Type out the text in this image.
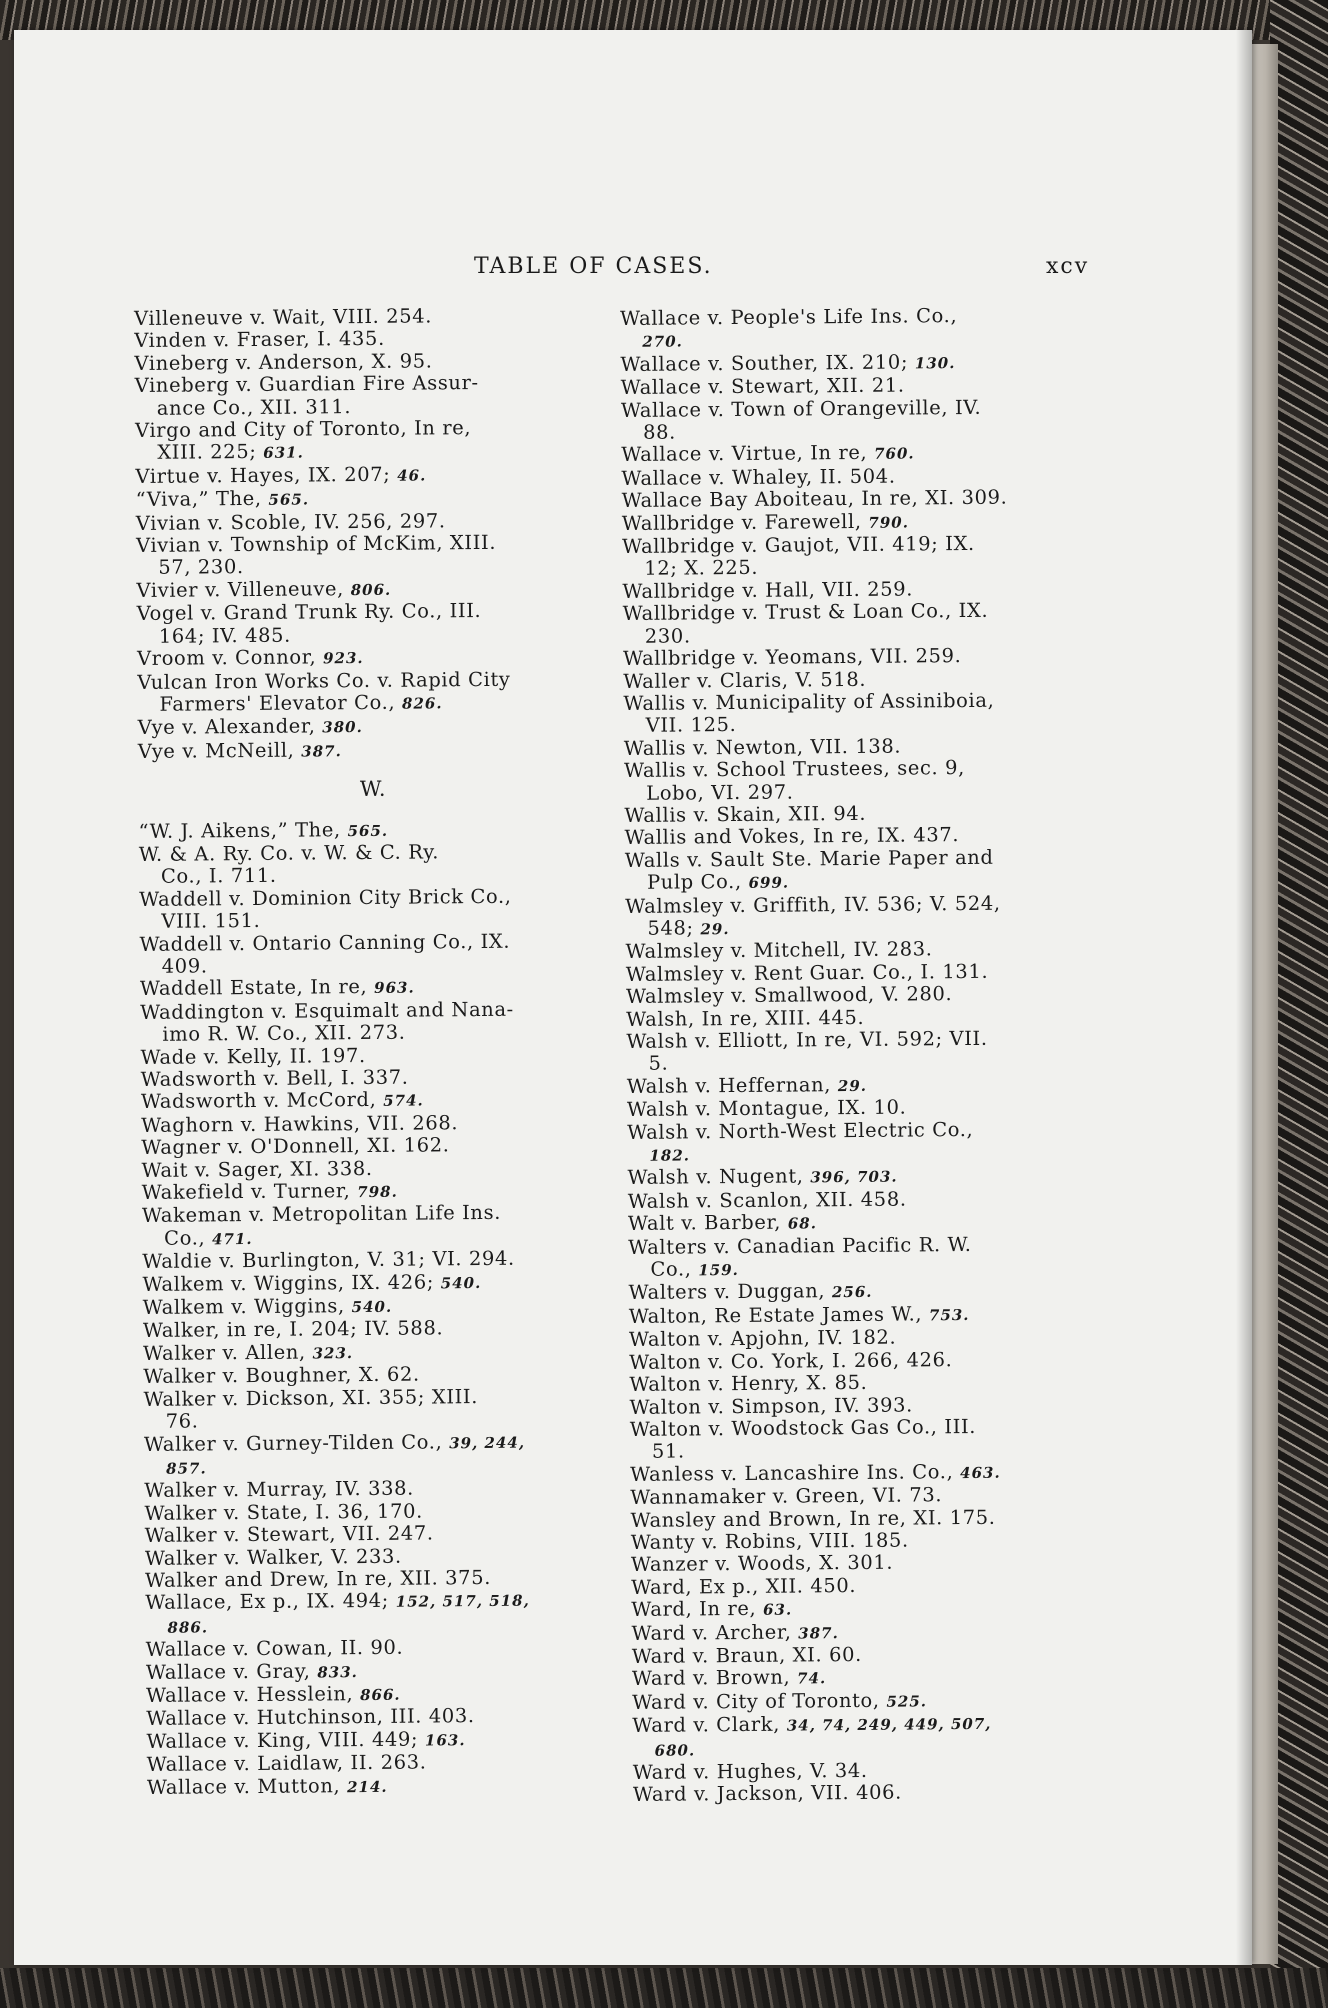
TABLE OF CASES.	xcv
Villeneuve v. Wait, VIII. 254.
Vinden v. Fraser, I. 435.
Vineberg v. Anderson, X. 95.
Vineberg v. Guardian Fire Assur-
ance Co., XII. 311.
Virgo and City of Toronto, In re,
XIII. 225; 631.
Virtue v. Hayes, IX. 207; 46.
“Viva,” The, 565.
Vivian v. Scoble, IV. 256, 297.
Vivian v. Township of McKim, XIII.
57, 230.
Vivier v. Villeneuve, 806.
Vogel v. Grand Trunk Ry. Co., III.
164; IV. 485.
Vroom v. Connor, 923.
Vulcan Iron Works Co. v. Rapid City
Farmers' Elevator Co., 826.
Vye v. Alexander, 380.
Vye v. McNeill, 387.
W.
“W. J. Aikens,” The, 565.
W. & A. Ry. Co. v. W. & C. Ry.
Co., I. 711.
Waddell v. Dominion City Brick Co.,
VIII. 151.
Waddell v. Ontario Canning Co., IX.
409.
Waddell Estate, In re, 963.
Waddington v. Esquimalt and Nana-
imo R. W. Co., XII. 273.
Wade v. Kelly, II. 197.
Wadsworth v. Bell, I. 337.
Wadsworth v. McCord, 574.
Waghorn v. Hawkins, VII. 268.
Wagner v. O'Donnell, XI. 162.
Wait v. Sager, XI. 338.
Wakefield v. Turner, 798.
Wakeman v. Metropolitan Life Ins.
Co., 471.
Waldie v. Burlington, V. 31; VI. 294.
Walkem v. Wiggins, IX. 426; 540.
Walkem v. Wiggins, 540.
Walker, in re, I. 204; IV. 588.
Walker v. Allen, 323.
Walker v. Boughner, X. 62.
Walker v. Dickson, XI. 355; XIII.
76.
Walker v. Gurney-Tilden Co., 39, 244,
857.
Walker v. Murray, IV. 338.
Walker v. State, I. 36, 170.
Walker v. Stewart, VII. 247.
Walker v. Walker, V. 233.
Walker and Drew, In re, XII. 375.
Wallace, Ex p., IX. 494; 152, 517, 518,
886.
Wallace v. Cowan, II. 90.
Wallace v. Gray, 833.
Wallace v. Hesslein, 866.
Wallace v. Hutchinson, III. 403.
Wallace v. King, VIII. 449; 163.
Wallace v. Laidlaw, II. 263.
Wallace v. Mutton, 214.
Wallace v. People's Life Ins. Co.,
270.
Wallace v. Souther, IX. 210; 130.
Wallace v. Stewart, XII. 21.
Wallace v. Town of Orangeville, IV.
88.
Wallace v. Virtue, In re, 760.
Wallace v. Whaley, II. 504.
Wallace Bay Aboiteau, In re, XI. 309.
Wallbridge v. Farewell, 790.
Wallbridge v. Gaujot, VII. 419; IX.
12; X. 225.
Wallbridge v. Hall, VII. 259.
Wallbridge v. Trust & Loan Co., IX.
230.
Wallbridge v. Yeomans, VII. 259.
Waller v. Claris, V. 518.
Wallis v. Municipality of Assiniboia,
VII. 125.
Wallis v. Newton, VII. 138.
Wallis v. School Trustees, sec. 9,
Lobo, VI. 297.
Wallis v. Skain, XII. 94.
Wallis and Vokes, In re, IX. 437.
Walls v. Sault Ste. Marie Paper and
Pulp Co., 699.
Walmsley v. Griffith, IV. 536; V. 524,
548; 29.
Walmsley v. Mitchell, IV. 283.
Walmsley v. Rent Guar. Co., I. 131.
Walmsley v. Smallwood, V. 280.
Walsh, In re, XIII. 445.
Walsh v. Elliott, In re, VI. 592; VII.
5.
Walsh v. Heffernan, 29.
Walsh v. Montague, IX. 10.
Walsh v. North-West Electric Co.,
182.
Walsh v. Nugent, 396, 703.
Walsh v. Scanlon, XII. 458.
Walt v. Barber, 68.
Walters v. Canadian Pacific R. W.
Co., 159.
Walters v. Duggan, 256.
Walton, Re Estate James W., 753.
Walton v. Apjohn, IV. 182.
Walton v. Co. York, I. 266, 426.
Walton v. Henry, X. 85.
Walton v. Simpson, IV. 393.
Walton v. Woodstock Gas Co., III.
51.
Wanless v. Lancashire Ins. Co., 463.
Wannamaker v. Green, VI. 73.
Wansley and Brown, In re, XI. 175.
Wanty v. Robins, VIII. 185.
Wanzer v. Woods, X. 301.
Ward, Ex p., XII. 450.
Ward, In re, 63.
Ward v. Archer, 387.
Ward v. Braun, XI. 60.
Ward v. Brown, 74.
Ward v. City of Toronto, 525.
Ward v. Clark, 34, 74, 249, 449, 507,
680.
Ward v. Hughes, V. 34.
Ward v. Jackson, VII. 406.
